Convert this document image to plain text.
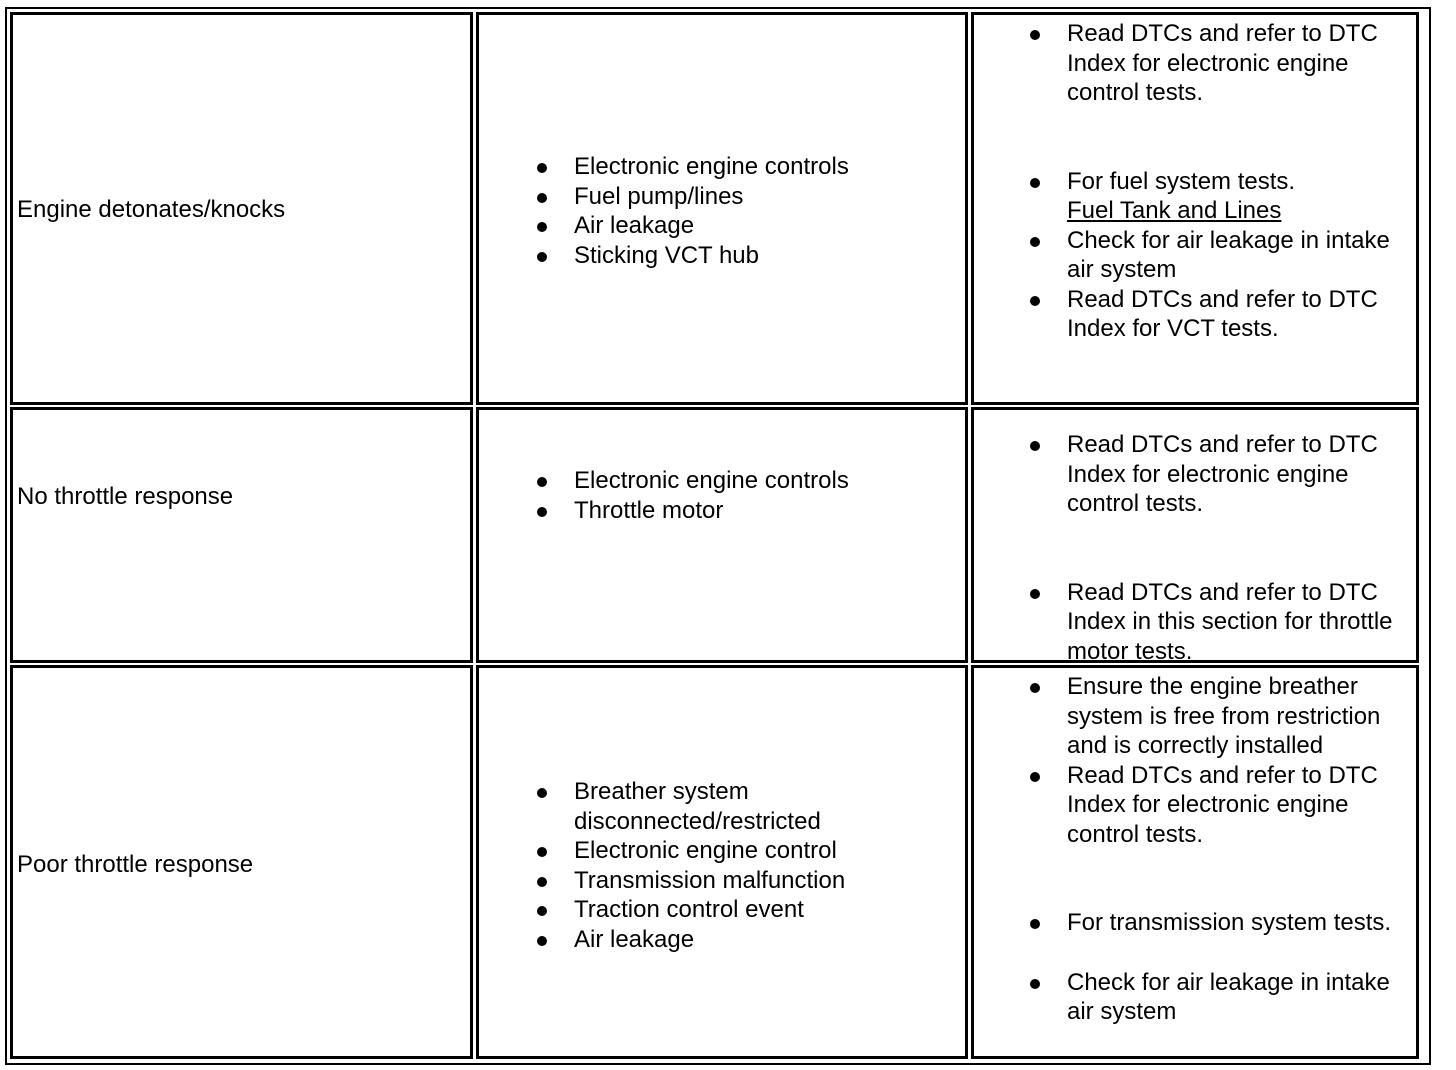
Engine detonates/knocks
Electronic engine controls
Fuel pump/lines
Air leakage
Sticking VCT hub
Read DTCs and refer to DTC Index for electronic engine control tests.
For fuel system tests.
Fuel Tank and Lines
Check for air leakage in intake air system
Read DTCs and refer to DTC Index for VCT tests.
No throttle response
Electronic engine controls
Throttle motor
Read DTCs and refer to DTC Index for electronic engine control tests.
Read DTCs and refer to DTC Index in this section for throttle motor tests.
Poor throttle response
Breather system disconnected/restricted
Electronic engine control
Transmission malfunction
Traction control event
Air leakage
Ensure the engine breather system is free from restriction and is correctly installed
Read DTCs and refer to DTC Index for electronic engine control tests.
For transmission system tests.
Check for air leakage in intake air system
